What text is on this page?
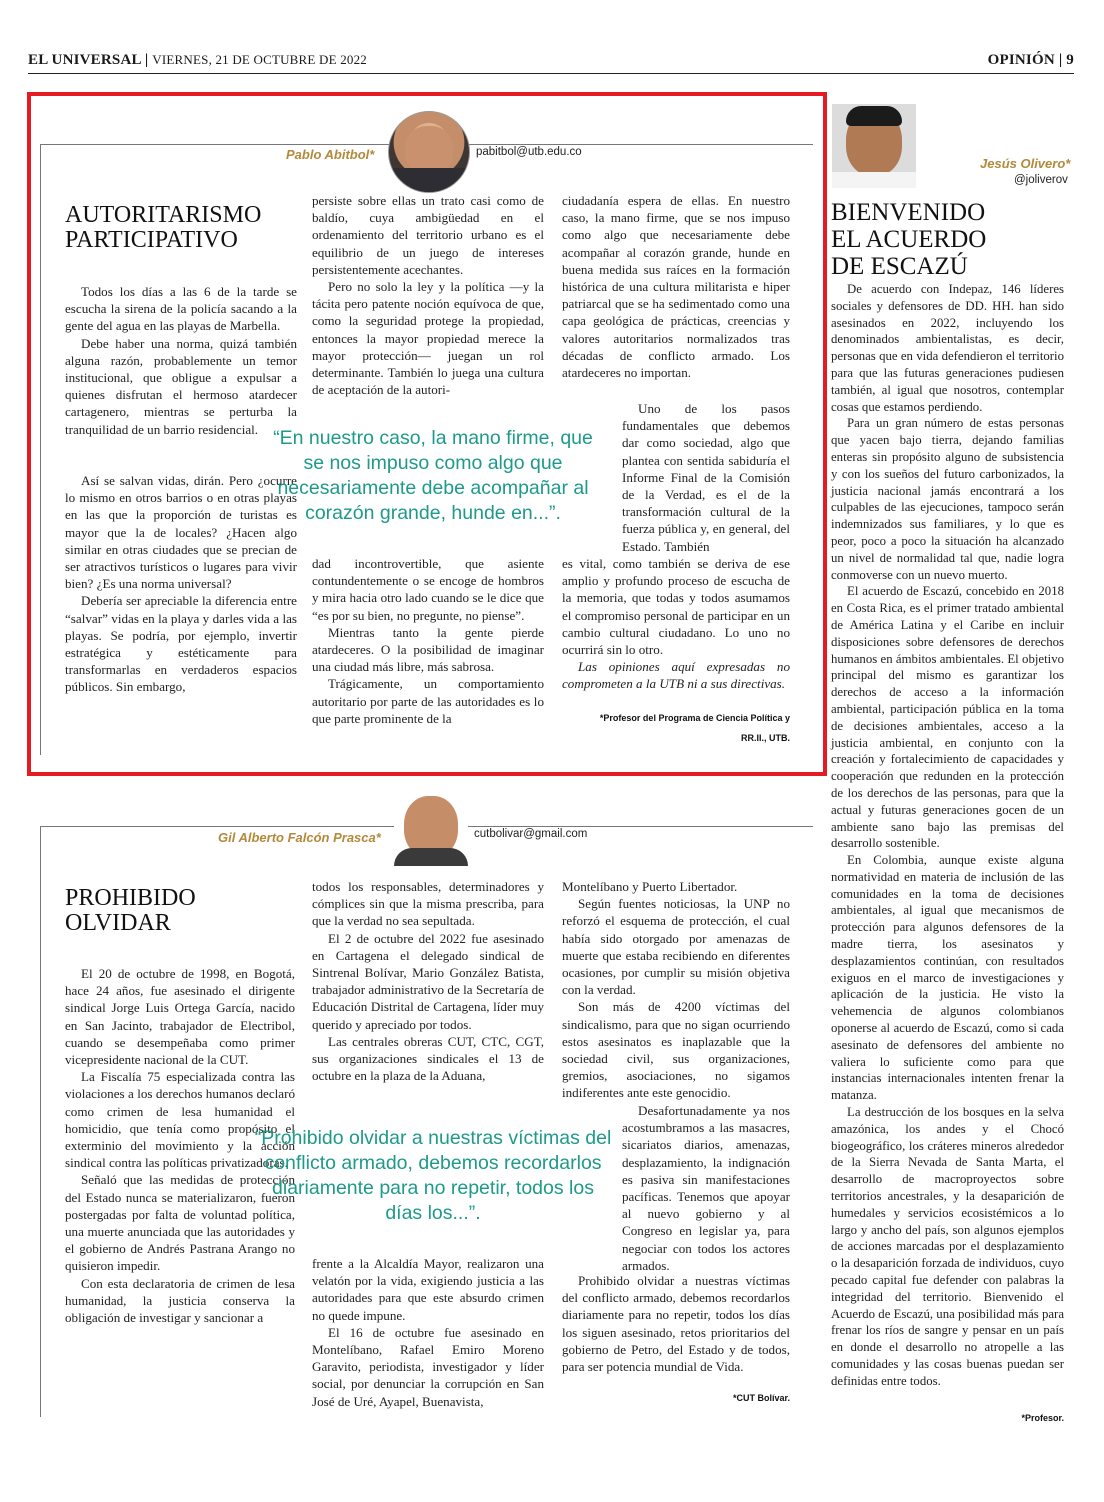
EL UNIVERSAL | VIERNES, 21 DE OCTUBRE DE 2022	OPINIÓN | 9
Pablo Abitbol*	pabitbol@utb.edu.co
AUTORITARISMO
PARTICIPATIVO

Todos los días a las 6 de la tarde se escucha la sirena de la policía sacando a la gente del agua en las playas de Marbella.

Debe haber una norma, quizá también alguna razón, probablemente un temor institucional, que obligue a expulsar a quienes disfrutan el hermoso atardecer cartagenero, mientras se perturba la tranquilidad de un barrio residencial.

Así se salvan vidas, dirán. Pero ¿ocurre lo mismo en otros barrios o en otras playas en las que la proporción de turistas es mayor que la de locales? ¿Hacen algo similar en otras ciudades que se precian de ser atractivos turísticos o lugares para vivir bien? ¿Es una norma universal?

Debería ser apreciable la diferencia entre “salvar” vidas en la playa y darles vida a las playas. Se podría, por ejemplo, invertir estratégica y estéticamente para transformarlas en verdaderos espacios públicos. Sin embargo,

persiste sobre ellas un trato casi como de baldío, cuya ambigüedad en el ordenamiento del territorio urbano es el equilibrio de un juego de intereses persistentemente acechantes.

Pero no solo la ley y la política —y la tácita pero patente noción equívoca de que, como la seguridad protege la propiedad, entonces la mayor propiedad merece la mayor protección— juegan un rol determinante. También lo juega una cultura de aceptación de la autori-

dad incontrovertible, que asiente contundentemente o se encoge de hombros y mira hacia otro lado cuando se le dice que “es por su bien, no pregunte, no piense”.

Mientras tanto la gente pierde atardeceres. O la posibilidad de imaginar una ciudad más libre, más sabrosa.

Trágicamente, un comportamiento autoritario por parte de las autoridades es lo que parte prominente de la

ciudadanía espera de ellas. En nuestro caso, la mano firme, que se nos impuso como algo que necesariamente debe acompañar al corazón grande, hunde en buena medida sus raíces en la formación histórica de una cultura militarista e hiper patriarcal que se ha sedimentado como una capa geológica de prácticas, creencias y valores autoritarios normalizados tras décadas de conflicto armado. Los atardeceres no importan.

Uno de los pasos fundamentales que debemos dar como sociedad, algo que plantea con sentida sabiduría el Informe Final de la Comisión de la Verdad, es el de la transformación cultural de la fuerza pública y, en general, del Estado. También

es vital, como también se deriva de ese amplio y profundo proceso de escucha de la memoria, que todas y todos asumamos el compromiso personal de participar en un cambio cultural ciudadano. Lo uno no ocurrirá sin lo otro.

Las opiniones aquí expresadas no comprometen a la UTB ni a sus directivas.

*Profesor del Programa de Ciencia Política y
RR.II., UTB.
“En nuestro caso, la mano firme, que se nos impuso como algo que necesariamente debe acompañar al corazón grande, hunde en...”.
Gil Alberto Falcón Prasca*	cutbolivar@gmail.com
PROHIBIDO
OLVIDAR

El 20 de octubre de 1998, en Bogotá, hace 24 años, fue asesinado el dirigente sindical Jorge Luis Ortega García, nacido en San Jacinto, trabajador de Electribol, cuando se desempeñaba como primer vicepresidente nacional de la CUT.

La Fiscalía 75 especializada contra las violaciones a los derechos humanos declaró como crimen de lesa humanidad el homicidio, que tenía como propósito el exterminio del movimiento y la acción sindical contra las políticas privatizadoras.

Señaló que las medidas de protección del Estado nunca se materializaron, fueron postergadas por falta de voluntad política, una muerte anunciada que las autoridades y el gobierno de Andrés Pastrana Arango no quisieron impedir.

Con esta declaratoria de crimen de lesa humanidad, la justicia conserva la obligación de investigar y sancionar a

todos los responsables, determinadores y cómplices sin que la misma prescriba, para que la verdad no sea sepultada.

El 2 de octubre del 2022 fue asesinado en Cartagena el delegado sindical de Sintrenal Bolívar, Mario González Batista, trabajador administrativo de la Secretaría de Educación Distrital de Cartagena, líder muy querido y apreciado por todos.

Las centrales obreras CUT, CTC, CGT, sus organizaciones sindicales el 13 de octubre en la plaza de la Aduana,

frente a la Alcaldía Mayor, realizaron una velatón por la vida, exigiendo justicia a las autoridades para que este absurdo crimen no quede impune.

El 16 de octubre fue asesinado en Montelíbano, Rafael Emiro Moreno Garavito, periodista, investigador y líder social, por denunciar la corrupción en San José de Uré, Ayapel, Buenavista,

Montelíbano y Puerto Libertador.

Según fuentes noticiosas, la UNP no reforzó el esquema de protección, el cual había sido otorgado por amenazas de muerte que estaba recibiendo en diferentes ocasiones, por cumplir su misión objetiva con la verdad.

Son más de 4200 víctimas del sindicalismo, para que no sigan ocurriendo estos asesinatos es inaplazable que la sociedad civil, sus organizaciones, gremios, asociaciones, no sigamos indiferentes ante este genocidio.

Desafortunadamente ya nos acostumbramos a las masacres, sicariatos diarios, amenazas, desplazamiento, la indignación es pasiva sin manifestaciones pacíficas. Tenemos que apoyar al nuevo gobierno y al Congreso en legislar ya, para negociar con todos los actores armados.

Prohibido olvidar a nuestras víctimas del conflicto armado, debemos recordarlos diariamente para no repetir, todos los días los siguen asesinado, retos prioritarios del gobierno de Petro, del Estado y de todos, para ser potencia mundial de Vida.

*CUT Bolívar.
“Prohibido olvidar a nuestras víctimas del conflicto armado, debemos recordarlos diariamente para no repetir, todos los días los...”.
Jesús Olivero*
@joliverov
BIENVENIDO
EL ACUERDO
DE ESCAZÚ

De acuerdo con Indepaz, 146 líderes sociales y defensores de DD. HH. han sido asesinados en 2022, incluyendo los denominados ambientalistas, es decir, personas que en vida defendieron el territorio para que las futuras generaciones pudiesen también, al igual que nosotros, contemplar cosas que estamos perdiendo.

Para un gran número de estas personas que yacen bajo tierra, dejando familias enteras sin propósito alguno de subsistencia y con los sueños del futuro carbonizados, la justicia nacional jamás encontrará a los culpables de las ejecuciones, tampoco serán indemnizados sus familiares, y lo que es peor, poco a poco la situación ha alcanzado un nivel de normalidad tal que, nadie logra conmoverse con un nuevo muerto.

El acuerdo de Escazú, concebido en 2018 en Costa Rica, es el primer tratado ambiental de América Latina y el Caribe en incluir disposiciones sobre defensores de derechos humanos en ámbitos ambientales. El objetivo principal del mismo es garantizar los derechos de acceso a la información ambiental, participación pública en la toma de decisiones ambientales, acceso a la justicia ambiental, en conjunto con la creación y fortalecimiento de capacidades y cooperación que redunden en la protección de los derechos de las personas, para que la actual y futuras generaciones gocen de un ambiente sano bajo las premisas del desarrollo sostenible.

En Colombia, aunque existe alguna normatividad en materia de inclusión de las comunidades en la toma de decisiones ambientales, al igual que mecanismos de protección para algunos defensores de la madre tierra, los asesinatos y desplazamientos continúan, con resultados exiguos en el marco de investigaciones y aplicación de la justicia. He visto la vehemencia de algunos colombianos oponerse al acuerdo de Escazú, como si cada asesinato de defensores del ambiente no valiera lo suficiente como para que instancias internacionales intenten frenar la matanza.

La destrucción de los bosques en la selva amazónica, los andes y el Chocó biogeográfico, los cráteres mineros alrededor de la Sierra Nevada de Santa Marta, el desarrollo de macroproyectos sobre territorios ancestrales, y la desaparición de humedales y servicios ecosistémicos a lo largo y ancho del país, son algunos ejemplos de acciones marcadas por el desplazamiento o la desaparición forzada de individuos, cuyo pecado capital fue defender con palabras la integridad del territorio. Bienvenido el Acuerdo de Escazú, una posibilidad más para frenar los ríos de sangre y pensar en un país en donde el desarrollo no atropelle a las comunidades y las cosas buenas puedan ser definidas entre todos.

*Profesor.
